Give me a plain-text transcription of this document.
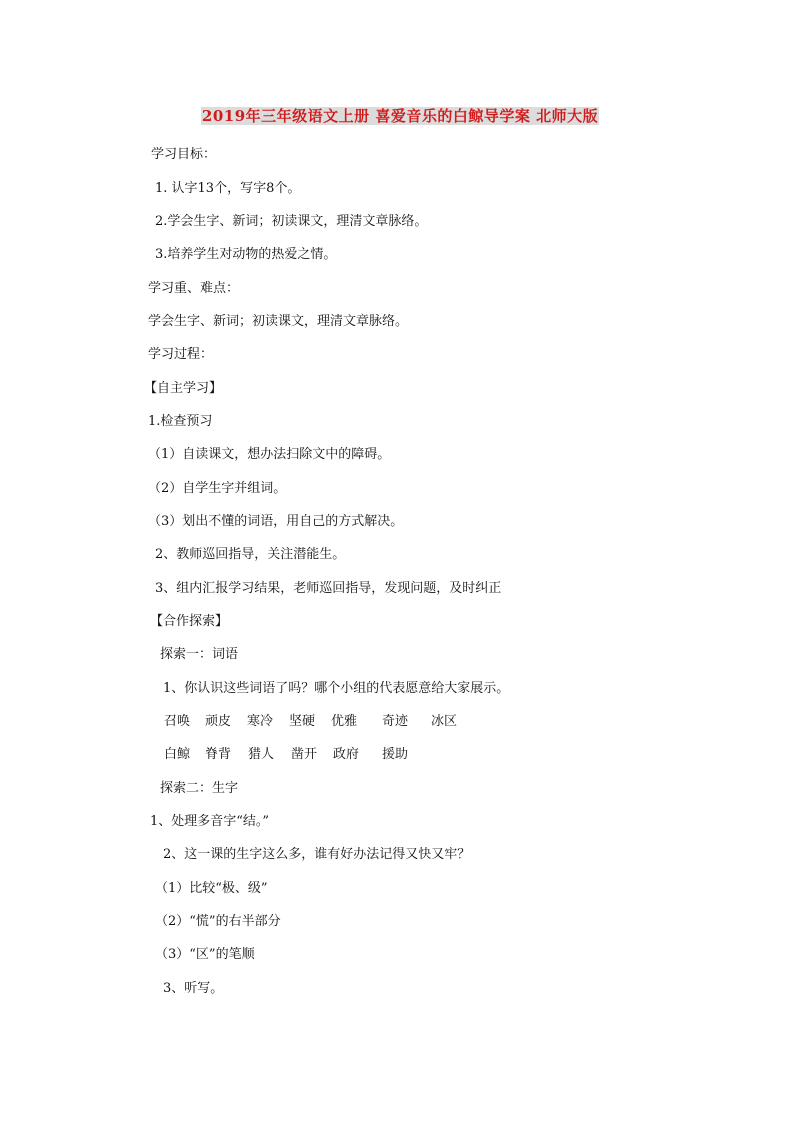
2019年三年级语文上册 喜爱音乐的白鲸导学案 北师大版
学习目标：
1. 认字13个，写字8个。
2.学会生字、新词；初读课文，理清文章脉络。
3.培养学生对动物的热爱之情。
学习重、难点：
学会生字、新词；初读课文，理清文章脉络。
学习过程：
【自主学习】
1.检查预习
（1）自读课文，想办法扫除文中的障碍。
（2）自学生字并组词。
（3）划出不懂的词语，用自己的方式解决。
2、教师巡回指导，关注潜能生。
3、组内汇报学习结果，老师巡回指导，发现问题，及时纠正
【合作探索】
探索一：词语
1、你认识这些词语了吗？哪个小组的代表愿意给大家展示。
召唤 顽皮 寒冷 坚硬 优雅 奇迹 冰区
白鲸 脊背 猎人 凿开 政府 援助
探索二：生字
1、处理多音字“结。”
2、这一课的生字这么多，谁有好办法记得又快又牢？
（1）比较“极、级”
（2）“慌”的右半部分
（3）“区”的笔顺
3、听写。
